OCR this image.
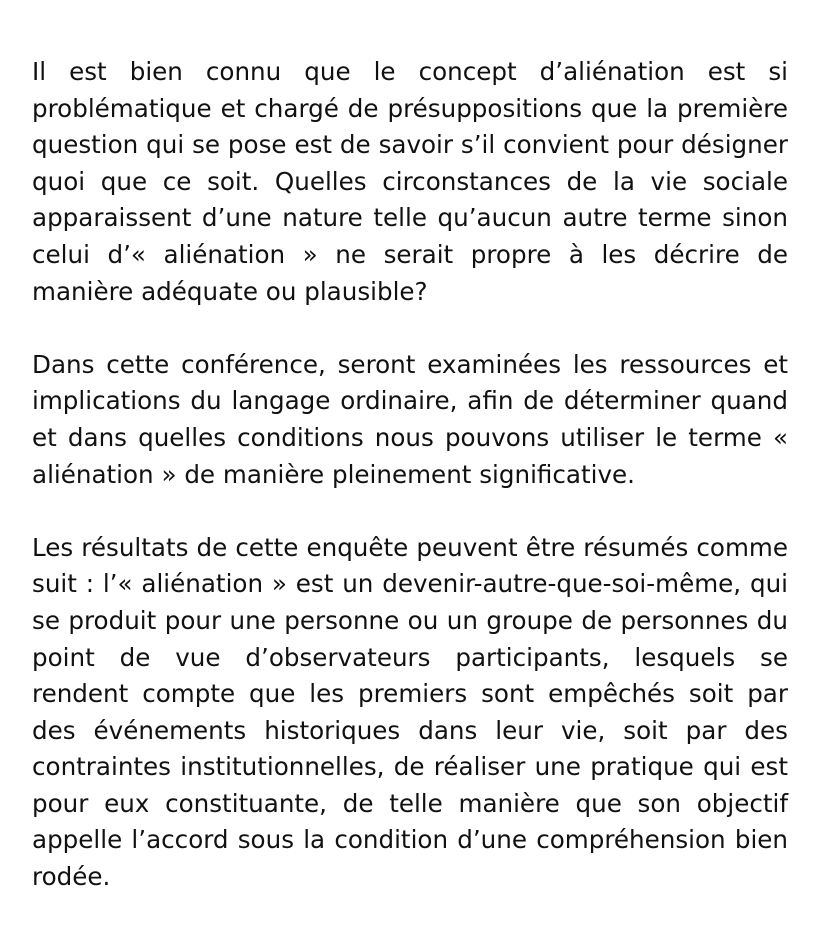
Il est bien connu que le concept d’aliénation est si problématique et chargé de présuppositions que la première question qui se pose est de savoir s’il convient pour désigner quoi que ce soit. Quelles circonstances de la vie sociale apparaissent d’une nature telle qu’aucun autre terme sinon celui d’« aliénation » ne serait propre à les décrire de manière adéquate ou plausible?

Dans cette conférence, seront examinées les ressources et implications du langage ordinaire, afin de déterminer quand et dans quelles conditions nous pouvons utiliser le terme « aliénation » de manière pleinement significative.

Les résultats de cette enquête peuvent être résumés comme suit : l’« aliénation » est un devenir-autre-que-soi-même, qui se produit pour une personne ou un groupe de personnes du point de vue d’observateurs participants, lesquels se rendent compte que les premiers sont empêchés soit par des événements historiques dans leur vie, soit par des contraintes institutionnelles, de réaliser une pratique qui est pour eux constituante, de telle manière que son objectif appelle l’accord sous la condition d’une compréhension bien rodée.
